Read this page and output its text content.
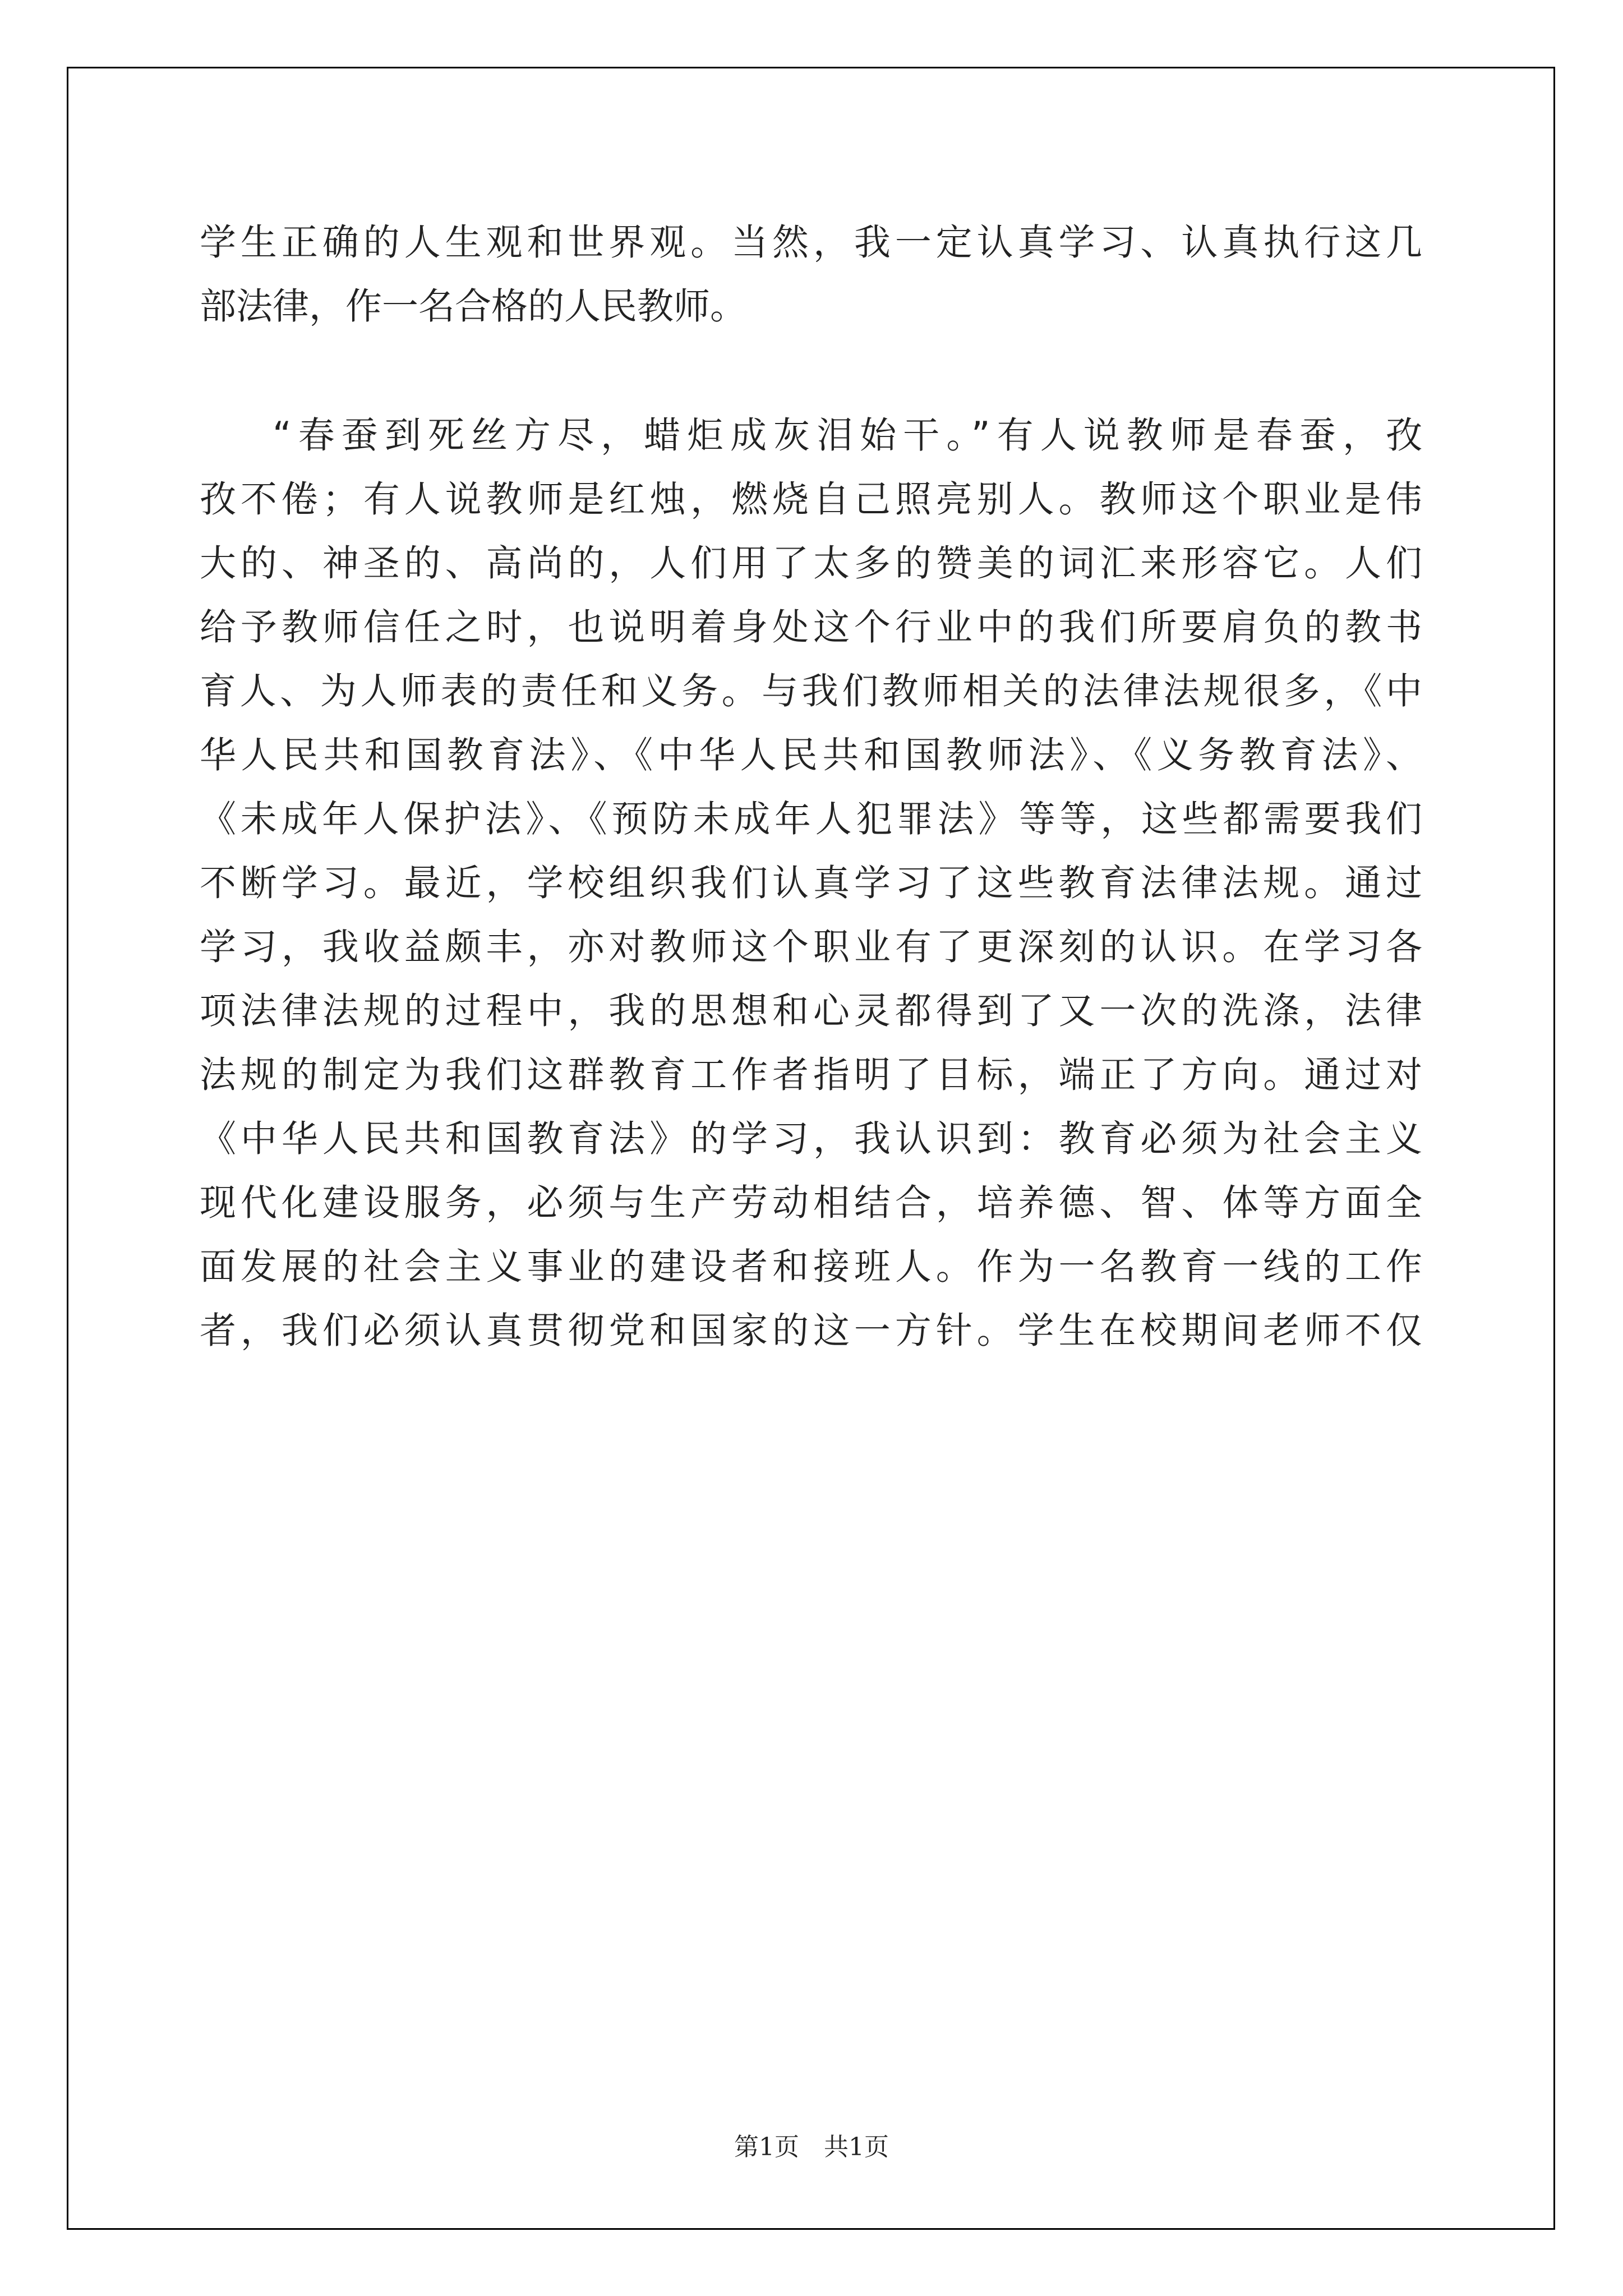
学生正确的人生观和世界观。当然，我一定认真学习、认真执行这几
部法律，作一名合格的人民教师。
“春蚕到死丝方尽，蜡炬成灰泪始干。”有人说教师是春蚕，孜
孜不倦；有人说教师是红烛，燃烧自己照亮别人。教师这个职业是伟
大的、神圣的、高尚的，人们用了太多的赞美的词汇来形容它。人们
给予教师信任之时，也说明着身处这个行业中的我们所要肩负的教书
育人、为人师表的责任和义务。与我们教师相关的法律法规很多，《中
华人民共和国教育法》、《中华人民共和国教师法》、《义务教育法》、
《未成年人保护法》、《预防未成年人犯罪法》等等，这些都需要我们
不断学习。最近，学校组织我们认真学习了这些教育法律法规。通过
学习，我收益颇丰，亦对教师这个职业有了更深刻的认识。在学习各
项法律法规的过程中，我的思想和心灵都得到了又一次的洗涤，法律
法规的制定为我们这群教育工作者指明了目标，端正了方向。通过对
《中华人民共和国教育法》的学习，我认识到：教育必须为社会主义
现代化建设服务，必须与生产劳动相结合，培养德、智、体等方面全
面发展的社会主义事业的建设者和接班人。作为一名教育一线的工作
者，我们必须认真贯彻党和国家的这一方针。学生在校期间老师不仅
第1页　共1页
